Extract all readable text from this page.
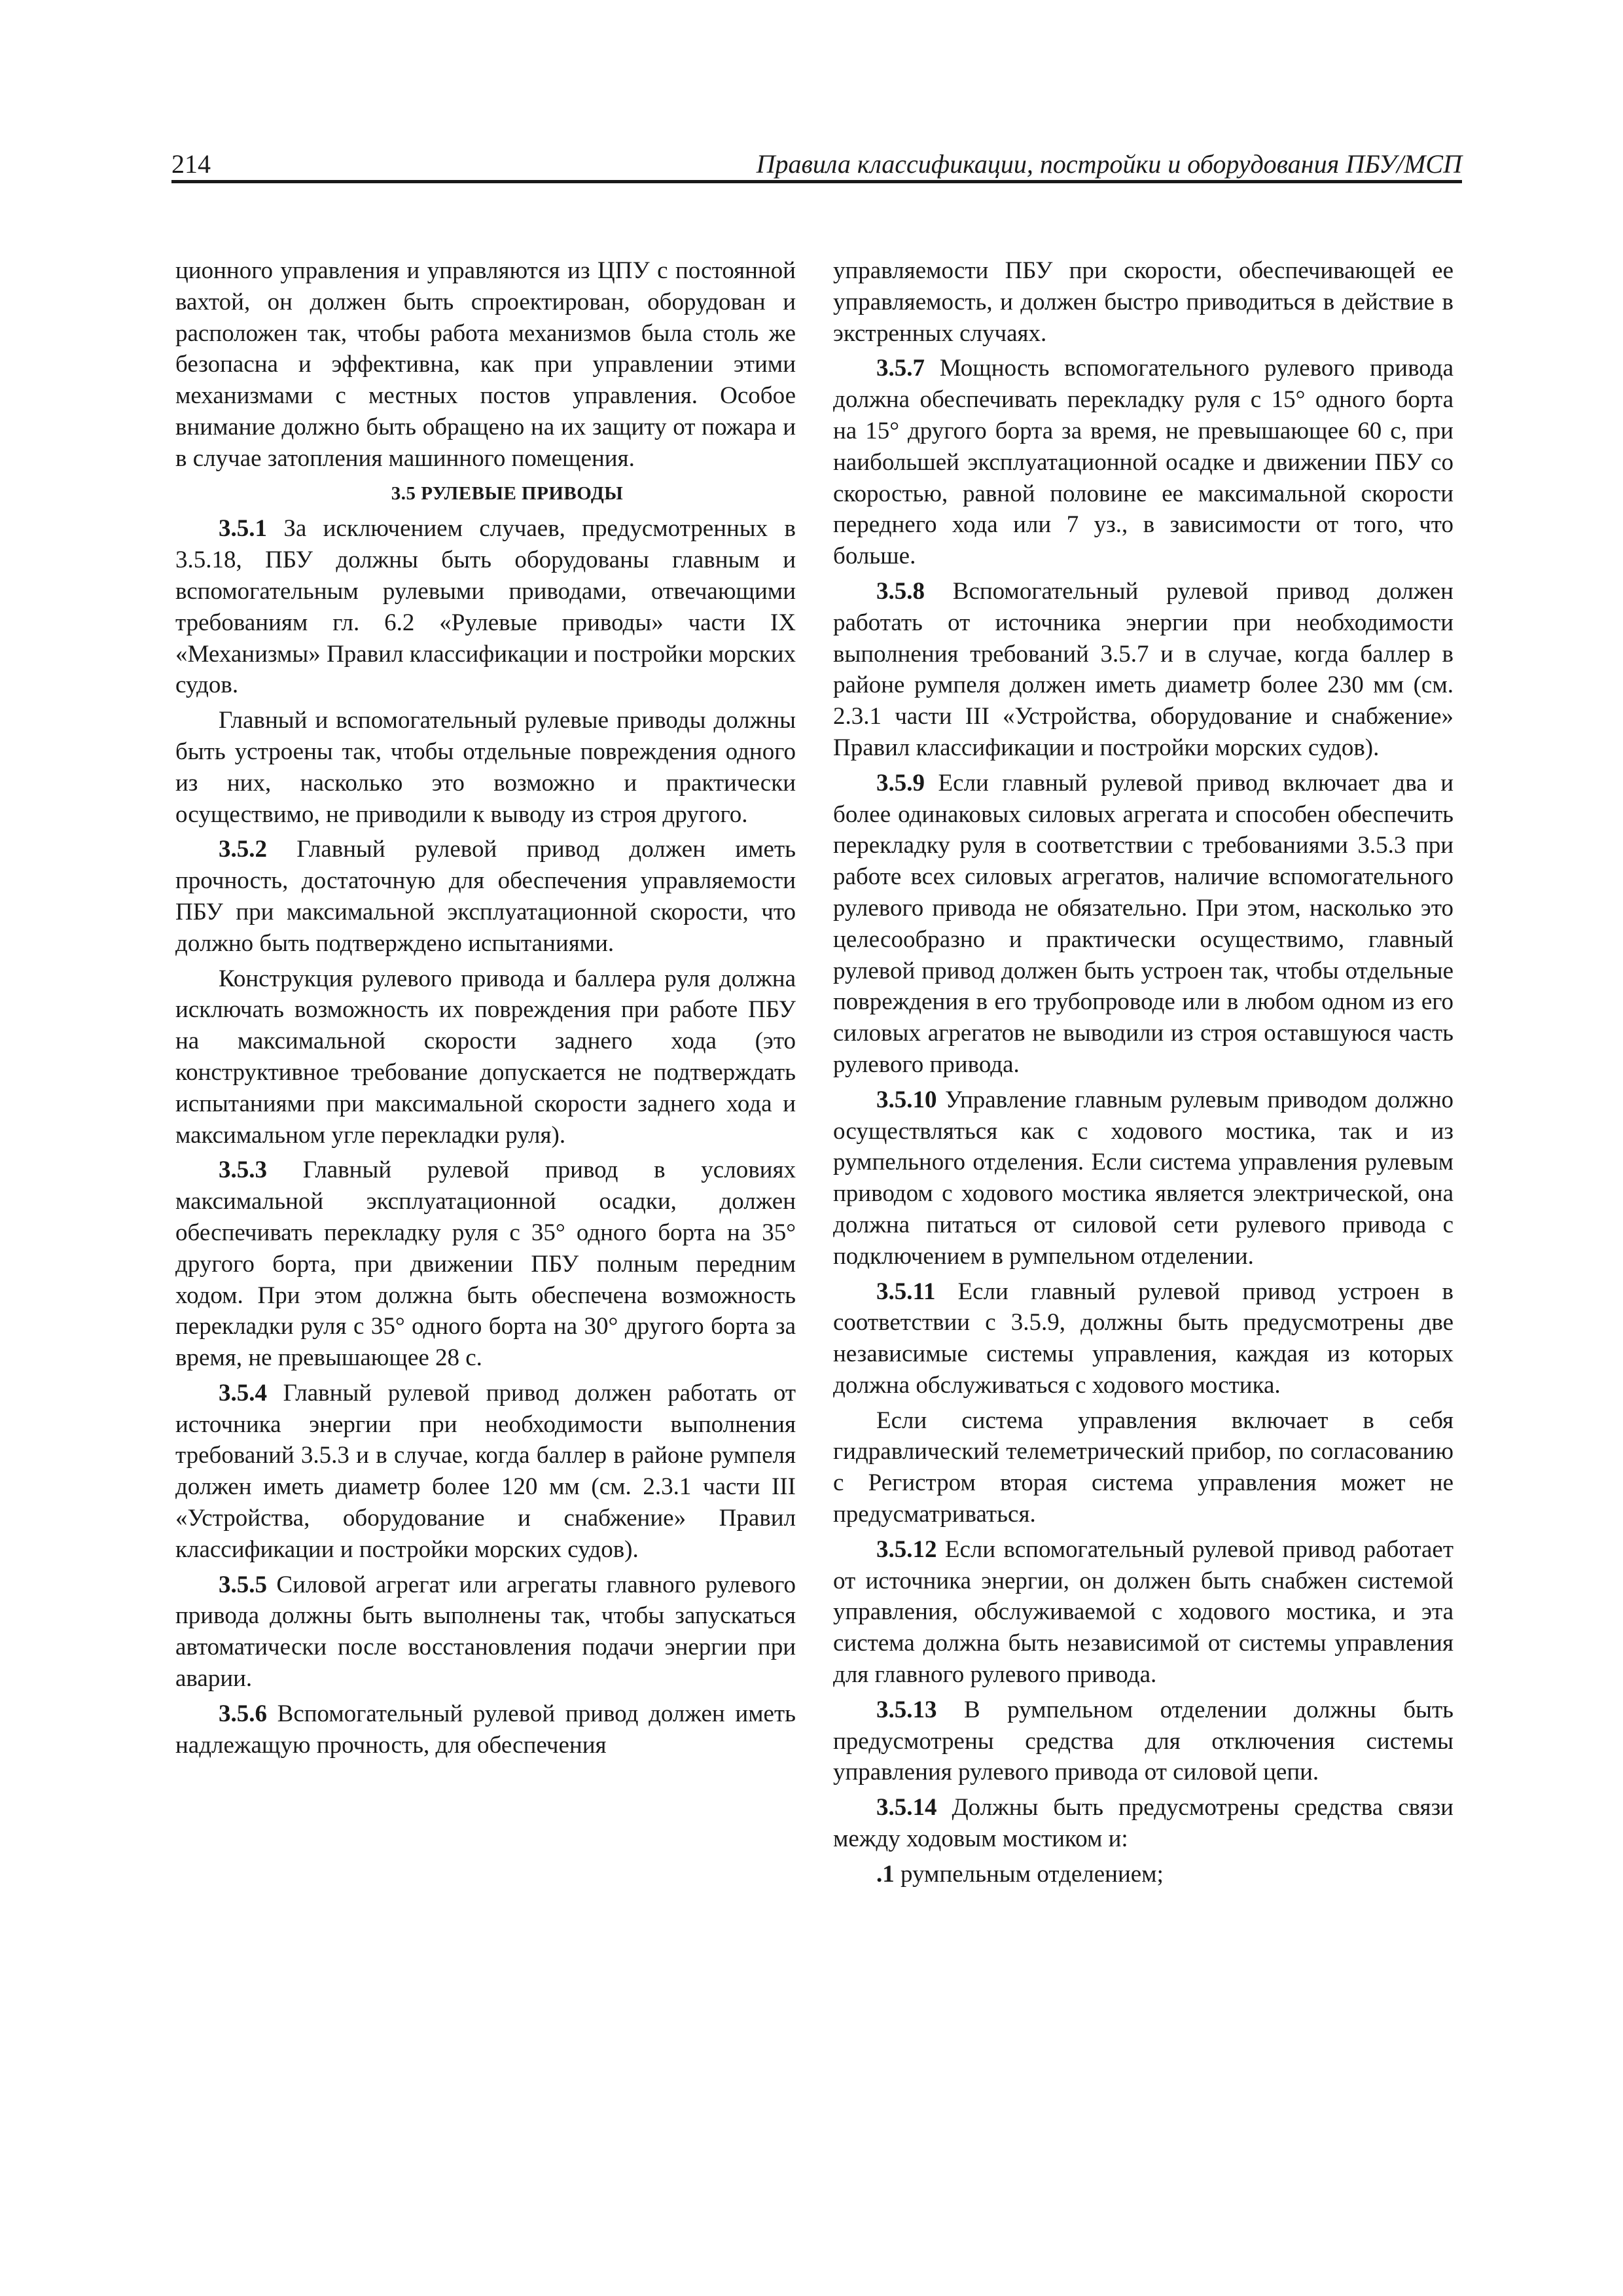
214	Правила классификации, постройки и оборудования ПБУ/МСП

ционного управления и управляются из ЦПУ с постоянной вахтой, он должен быть спроектирован, оборудован и расположен так, чтобы работа механизмов была столь же безопасна и эффективна, как при управлении этими механизмами с местных постов управления. Особое внимание должно быть обращено на их защиту от пожара и в случае затопления машинного помещения.

3.5 РУЛЕВЫЕ ПРИВОДЫ

3.5.1 За исключением случаев, предусмотренных в 3.5.18, ПБУ должны быть оборудованы главным и вспомогательным рулевыми приводами, отвечающими требованиям гл. 6.2 «Рулевые приводы» части IX «Механизмы» Правил классификации и постройки морских судов.

Главный и вспомогательный рулевые приводы должны быть устроены так, чтобы отдельные повреждения одного из них, насколько это возможно и практически осуществимо, не приводили к выводу из строя другого.

3.5.2 Главный рулевой привод должен иметь прочность, достаточную для обеспечения управляемости ПБУ при максимальной эксплуатационной скорости, что должно быть подтверждено испытаниями.

Конструкция рулевого привода и баллера руля должна исключать возможность их повреждения при работе ПБУ на максимальной скорости заднего хода (это конструктивное требование допускается не подтверждать испытаниями при максимальной скорости заднего хода и максимальном угле перекладки руля).

3.5.3 Главный рулевой привод в условиях максимальной эксплуатационной осадки, должен обеспечивать перекладку руля с 35° одного борта на 35° другого борта, при движении ПБУ полным передним ходом. При этом должна быть обеспечена возможность перекладки руля с 35° одного борта на 30° другого борта за время, не превышающее 28 с.

3.5.4 Главный рулевой привод должен работать от источника энергии при необходимости выполнения требований 3.5.3 и в случае, когда баллер в районе румпеля должен иметь диаметр более 120 мм (см. 2.3.1 части III «Устройства, оборудование и снабжение» Правил классификации и постройки морских судов).

3.5.5 Силовой агрегат или агрегаты главного рулевого привода должны быть выполнены так, чтобы запускаться автоматически после восстановления подачи энергии при аварии.

3.5.6 Вспомогательный рулевой привод должен иметь надлежащую прочность, для обеспечения

управляемости ПБУ при скорости, обеспечивающей ее управляемость, и должен быстро приводиться в действие в экстренных случаях.

3.5.7 Мощность вспомогательного рулевого привода должна обеспечивать перекладку руля с 15° одного борта на 15° другого борта за время, не превышающее 60 с, при наибольшей эксплуатационной осадке и движении ПБУ со скоростью, равной половине ее максимальной скорости переднего хода или 7 уз., в зависимости от того, что больше.

3.5.8 Вспомогательный рулевой привод должен работать от источника энергии при необходимости выполнения требований 3.5.7 и в случае, когда баллер в районе румпеля должен иметь диаметр более 230 мм (см. 2.3.1 части III «Устройства, оборудование и снабжение» Правил классификации и постройки морских судов).

3.5.9 Если главный рулевой привод включает два и более одинаковых силовых агрегата и способен обеспечить перекладку руля в соответствии с требованиями 3.5.3 при работе всех силовых агрегатов, наличие вспомогательного рулевого привода не обязательно. При этом, насколько это целесообразно и практически осуществимо, главный рулевой привод должен быть устроен так, чтобы отдельные повреждения в его трубопроводе или в любом одном из его силовых агрегатов не выводили из строя оставшуюся часть рулевого привода.

3.5.10 Управление главным рулевым приводом должно осуществляться как с ходового мостика, так и из румпельного отделения. Если система управления рулевым приводом с ходового мостика является электрической, она должна питаться от силовой сети рулевого привода с подключением в румпельном отделении.

3.5.11 Если главный рулевой привод устроен в соответствии с 3.5.9, должны быть предусмотрены две независимые системы управления, каждая из которых должна обслуживаться с ходового мостика.

Если система управления включает в себя гидравлический телеметрический прибор, по согласованию с Регистром вторая система управления может не предусматриваться.

3.5.12 Если вспомогательный рулевой привод работает от источника энергии, он должен быть снабжен системой управления, обслуживаемой с ходового мостика, и эта система должна быть независимой от системы управления для главного рулевого привода.

3.5.13 В румпельном отделении должны быть предусмотрены средства для отключения системы управления рулевого привода от силовой цепи.

3.5.14 Должны быть предусмотрены средства связи между ходовым мостиком и:

.1 румпельным отделением;
